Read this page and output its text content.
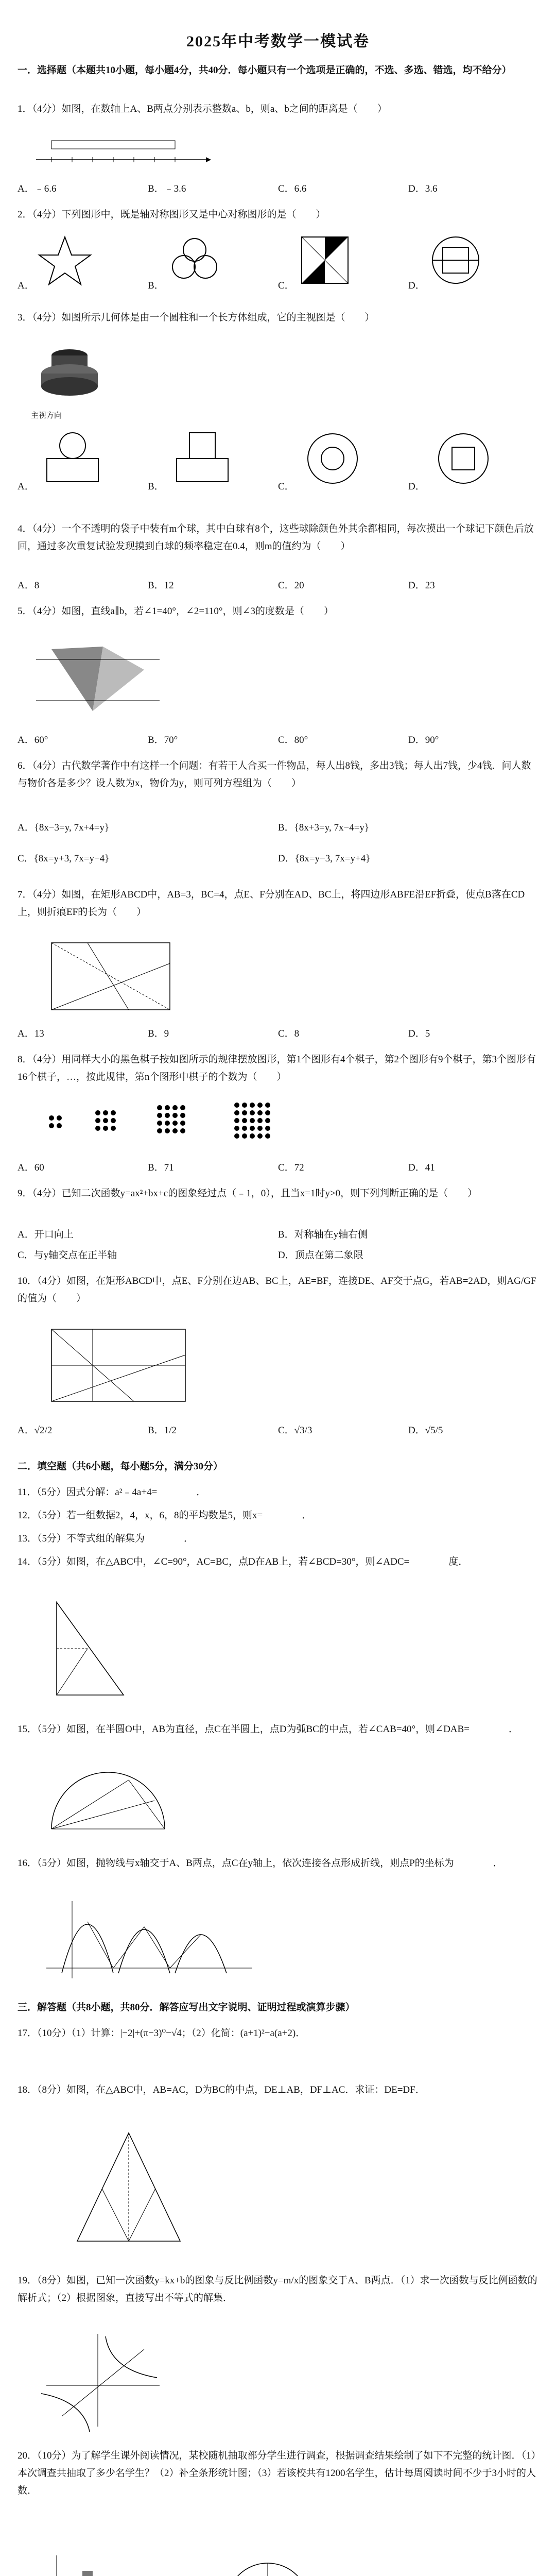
2025年中考数学一模试卷
一．选择题（本题共10小题，每小题4分，共40分．每小题只有一个选项是正确的，不选、多选、错选，均不给分）
1．（4分）如图，在数轴上A、B两点分别表示整数a、b，则a、b之间的距离是（　　）
A．﹣6.6	B．﹣3.6	C．6.6	D．3.6
2．（4分）下列图形中，既是轴对称图形又是中心对称图形的是（　　）
A．	B．	C．	D．
3．（4分）如图所示几何体是由一个圆柱和一个长方体组成，它的主视图是（　　）
主视方向
A．	B．	C．	D．
4．（4分）一个不透明的袋子中装有m个球，其中白球有8个，这些球除颜色外其余都相同，每次摸出一个球记下颜色后放回，通过多次重复试验发现摸到白球的频率稳定在0.4，则m的值约为（　　）
A．8	B．12	C．20	D．23
5．（4分）如图，直线a∥b，若∠1=40°，∠2=110°，则∠3的度数是（　　）
A．60°	B．70°	C．80°	D．90°
6．（4分）古代数学著作中有这样一个问题：有若干人合买一件物品，每人出8钱，多出3钱；每人出7钱，少4钱．问人数与物价各是多少？设人数为x，物价为y，则可列方程组为（　　）
A．{8x−3=y, 7x+4=y}	B．{8x+3=y, 7x−4=y}
C．{8x=y+3, 7x=y−4}	D．{8x=y−3, 7x=y+4}
7．（4分）如图，在矩形ABCD中，AB=3，BC=4，点E、F分别在AD、BC上，将四边形ABFE沿EF折叠，使点B落在CD上，则折痕EF的长为（　　）
A．13	B．9	C．8	D．5
8．（4分）用同样大小的黑色棋子按如图所示的规律摆放图形，第1个图形有4个棋子，第2个图形有9个棋子，第3个图形有16个棋子，…，按此规律，第n个图形中棋子的个数为（　　）
A．60	B．71	C．72	D．41
9．（4分）已知二次函数y=ax²+bx+c的图象经过点（﹣1，0），且当x=1时y>0，则下列判断正确的是（　　）
A．开口向上	B．对称轴在y轴右侧
C．与y轴交点在正半轴	D．顶点在第二象限
10．（4分）如图，在矩形ABCD中，点E、F分别在边AB、BC上，AE=BF，连接DE、AF交于点G，若AB=2AD，则AG/GF的值为（　　）
A．√2/2	B．1/2	C．√3/3	D．√5/5
二．填空题（共6小题，每小题5分，满分30分）
11．（5分）因式分解：a²﹣4a+4=　　　　．
12．（5分）若一组数据2，4，x，6，8的平均数是5，则x=　　　　．
13．（5分）不等式组的解集为　　　　．
14．（5分）如图，在△ABC中，∠C=90°，AC=BC，点D在AB上，若∠BCD=30°，则∠ADC=　　　　度．
15．（5分）如图，在半圆O中，AB为直径，点C在半圆上，点D为弧BC的中点，若∠CAB=40°，则∠DAB=　　　　．
16．（5分）如图，抛物线与x轴交于A、B两点，点C在y轴上，依次连接各点形成折线，则点P的坐标为　　　　．
三．解答题（共8小题，共80分．解答应写出文字说明、证明过程或演算步骤）
17．（10分）（1）计算：|−2|+(π−3)⁰−√4；（2）化简：(a+1)²−a(a+2)．
18．（8分）如图，在△ABC中，AB=AC，D为BC的中点，DE⊥AB，DF⊥AC．求证：DE=DF．
19．（8分）如图，已知一次函数y=kx+b的图象与反比例函数y=m/x的图象交于A、B两点．（1）求一次函数与反比例函数的解析式；（2）根据图象，直接写出不等式的解集．
20．（10分）为了解学生课外阅读情况，某校随机抽取部分学生进行调查，根据调查结果绘制了如下不完整的统计图．（1）本次调查共抽取了多少名学生？（2）补全条形统计图；（3）若该校共有1200名学生，估计每周阅读时间不少于3小时的人数．
